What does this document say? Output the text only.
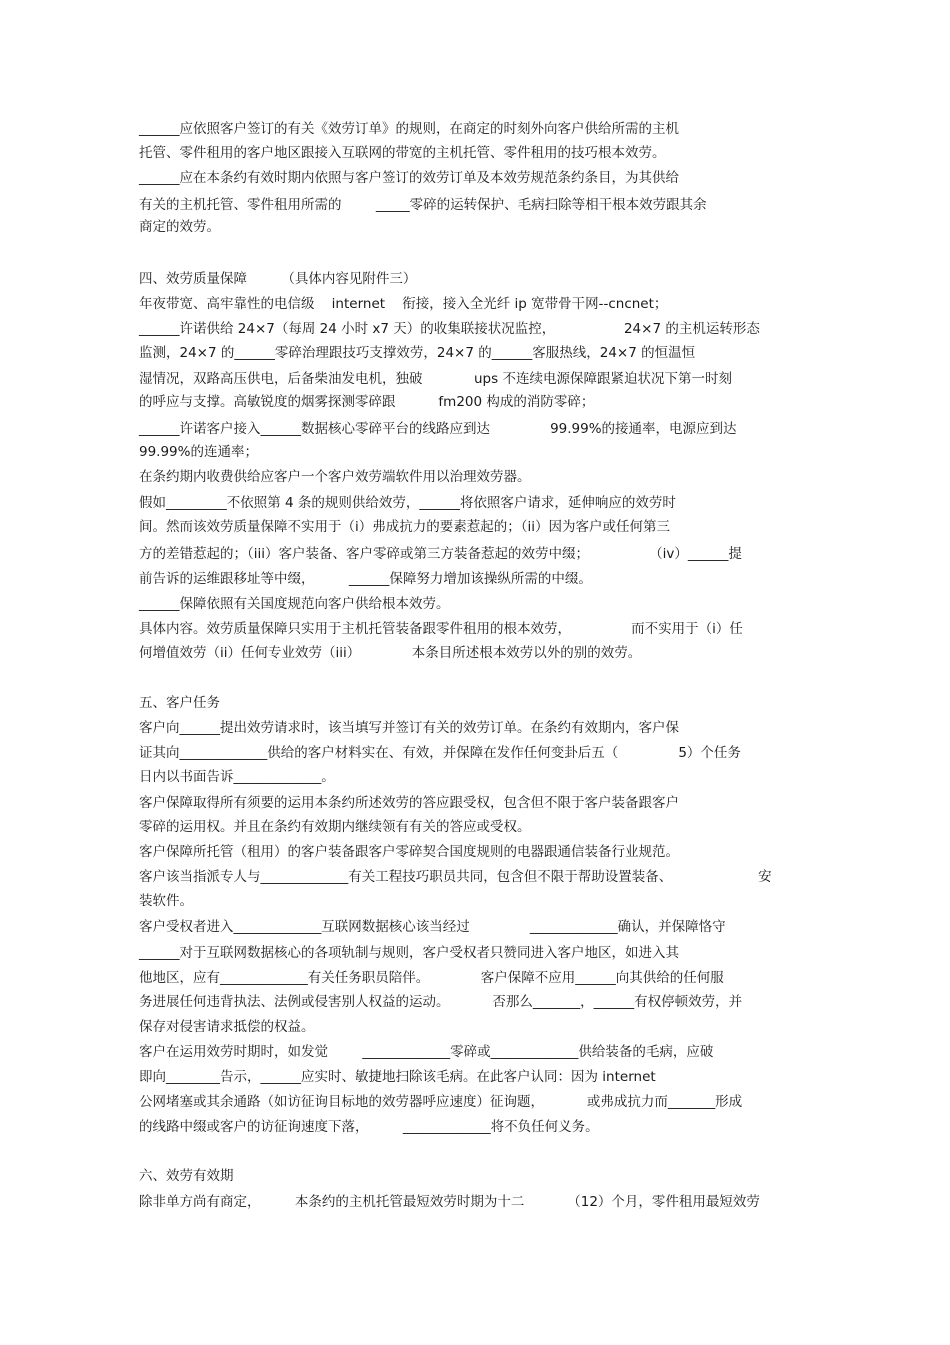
______应依照客户签订的有关《效劳订单》的规则，在商定的时刻外向客户供给所需的主机
托管、零件租用的客户地区跟接入互联网的带宽的主机托管、零件租用的技巧根本效劳。
______应在本条约有效时期内依照与客户签订的效劳订单及本效劳规范条约条目，为其供给
有关的主机托管、零件租用所需的        _____零碎的运转保护、毛病扫除等相干根本效劳跟其余
商定的效劳。
四、效劳质量保障        （具体内容见附件三）
年夜带宽、高牢靠性的电信级    internet    衔接，接入全光纤 ip 宽带骨干网--cncnet；
______许诺供给 24×7（每周 24 小时 x7 天）的收集联接状况监控，                24×7 的主机运转形态
监测，24×7 的______零碎治理跟技巧支撑效劳，24×7 的______客服热线，24×7 的恒温恒
湿情况，双路高压供电，后备柴油发电机，独破            ups 不连续电源保障跟紧迫状况下第一时刻
的呼应与支撑。高敏锐度的烟雾探测零碎跟          fm200 构成的消防零碎；
______许诺客户接入______数据核心零碎平台的线路应到达              99.99%的接通率，电源应到达
99.99%的连通率；
在条约期内收费供给应客户一个客户效劳端软件用以治理效劳器。
假如_________不依照第 4 条的规则供给效劳，______将依照客户请求，延伸响应的效劳时
间。然而该效劳质量保障不实用于（i）弗成抗力的要素惹起的；（ii）因为客户或任何第三
方的差错惹起的；（iii）客户装备、客户零碎或第三方装备惹起的效劳中缀；              （iv）______提
前告诉的运维跟移址等中缀，        ______保障努力增加该操纵所需的中缀。
______保障依照有关国度规范向客户供给根本效劳。
具体内容。效劳质量保障只实用于主机托管装备跟零件租用的根本效劳，              而不实用于（i）任
何增值效劳（ii）任何专业效劳（iii）            本条目所述根本效劳以外的别的效劳。
五、客户任务
客户向______提出效劳请求时，该当填写并签订有关的效劳订单。在条约有效期内，客户保
证其向_____________供给的客户材料实在、有效，并保障在发作任何变卦后五（              5）个任务
日内以书面告诉_____________。
客户保障取得所有须要的运用本条约所述效劳的答应跟受权，包含但不限于客户装备跟客户
零碎的运用权。并且在条约有效期内继续领有有关的答应或受权。
客户保障所托管（租用）的客户装备跟客户零碎契合国度规则的电器跟通信装备行业规范。
客户该当指派专人与_____________有关工程技巧职员共同，包含但不限于帮助设置装备、                    安
装软件。
客户受权者进入_____________互联网数据核心该当经过              _____________确认，并保障恪守
______对于互联网数据核心的各项轨制与规则，客户受权者只赞同进入客户地区，如进入其
他地区，应有_____________有关任务职员陪伴。            客户保障不应用______向其供给的任何服
务进展任何违背执法、法例或侵害别人权益的运动。          否那么_______，______有权停顿效劳，并
保存对侵害请求抵偿的权益。
客户在运用效劳时期时，如发觉        _____________零碎或_____________供给装备的毛病，应破
即向________告示，______应实时、敏捷地扫除该毛病。在此客户认同：因为 internet
公网堵塞或其余通路（如访征询目标地的效劳器呼应速度）征询题，          或弗成抗力而_______形成
的线路中缀或客户的访征询速度下落，        _____________将不负任何义务。
六、效劳有效期
除非单方尚有商定，        本条约的主机托管最短效劳时期为十二          （12）个月，零件租用最短效劳
